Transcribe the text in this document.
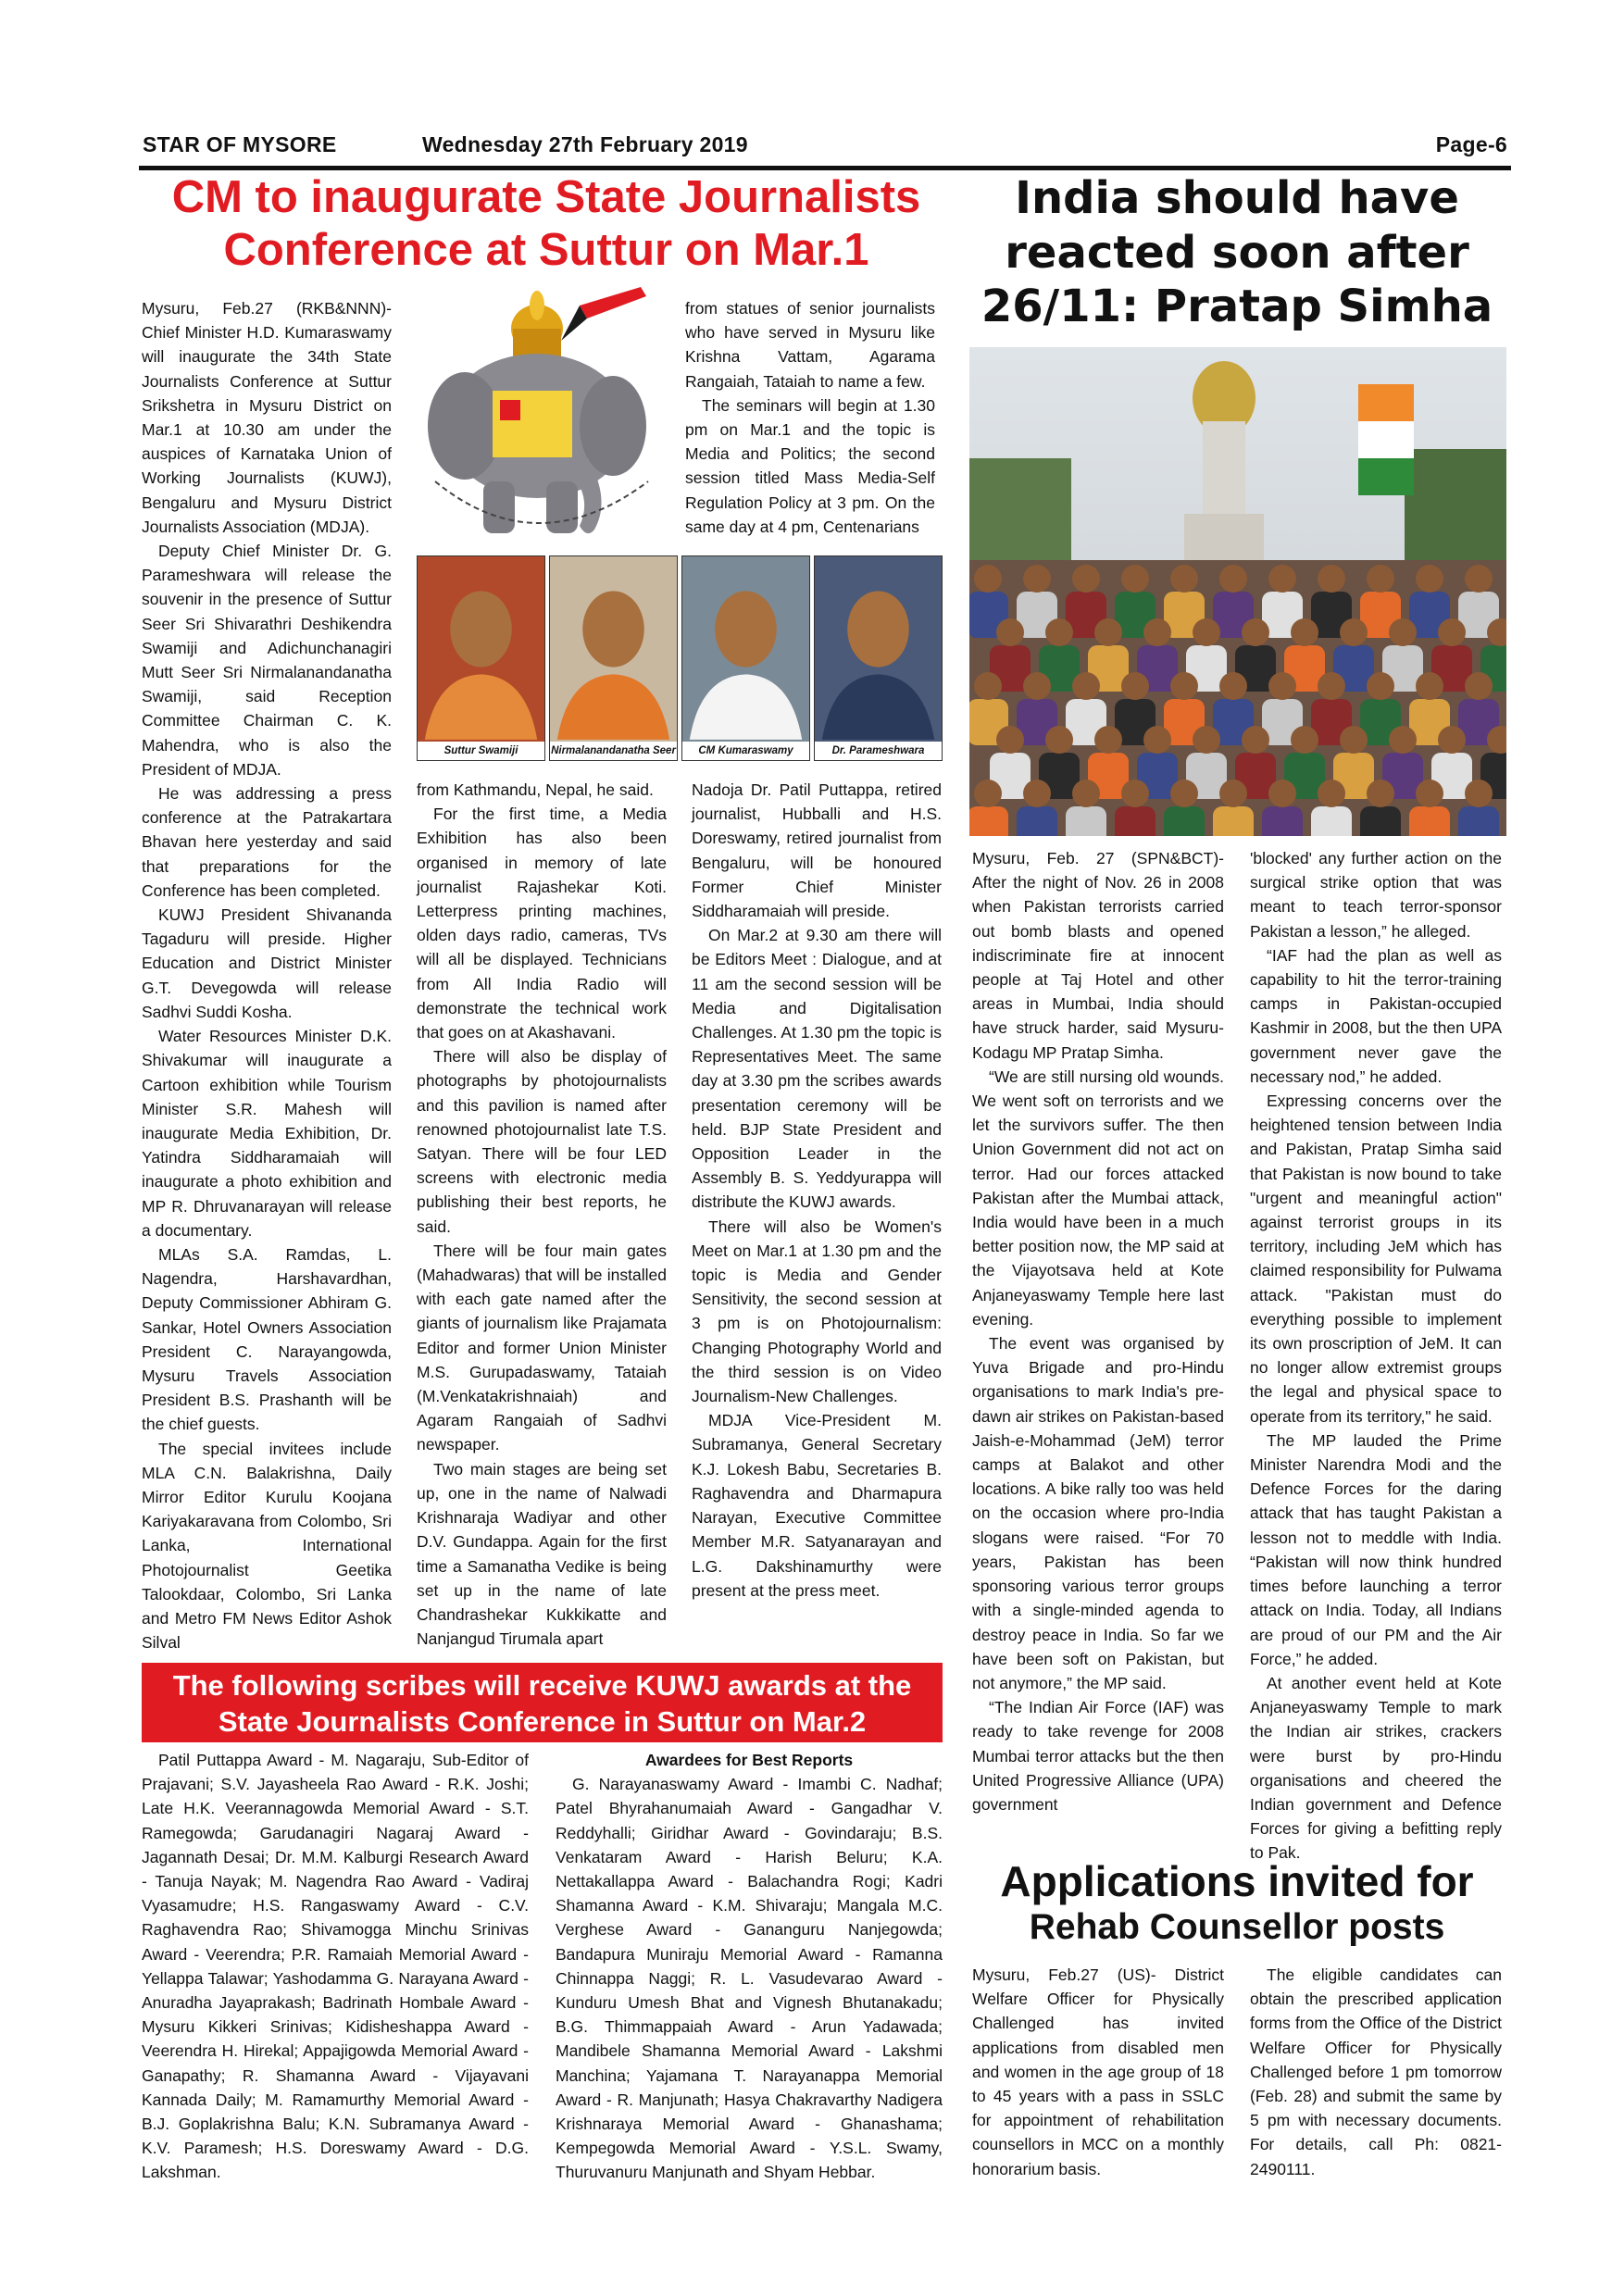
STAR OF MYSORE	Wednesday 27th February 2019	Page-6
CM to inaugurate State Journalists
Conference at Suttur on Mar.1

Mysuru, Feb.27 (RKB&NNN)- Chief Minister H.D. Kumaraswamy will inaugurate the 34th State Journalists Conference at Suttur Srikshetra in Mysuru District on Mar.1 at 10.30 am under the auspices of Karnataka Union of Working Journalists (KUWJ), Bengaluru and Mysuru District Journalists Association (MDJA).

Deputy Chief Minister Dr. G. Parameshwara will release the souvenir in the presence of Suttur Seer Sri Shivarathri Deshikendra Swamiji and Adichunchanagiri Mutt Seer Sri Nirmalanandanatha Swamiji, said Reception Committee Chairman C. K. Mahendra, who is also the President of MDJA.

He was addressing a press conference at the Patrakartara Bhavan here yesterday and said that preparations for the Conference has been completed.

KUWJ President Shivananda Tagaduru will preside. Higher Education and District Minister G.T. Devegowda will release Sadhvi Suddi Kosha.

Water Resources Minister D.K. Shivakumar will inaugurate a Cartoon exhibition while Tourism Minister S.R. Mahesh will inaugurate Media Exhibition, Dr. Yatindra Siddharamaiah will inaugurate a photo exhibition and MP R. Dhruvanarayan will release a documentary.

MLAs S.A. Ramdas, L. Nagendra, Harshavardhan, Deputy Commissioner Abhiram G. Sankar, Hotel Owners Association President C. Narayangowda, Mysuru Travels Association President B.S. Prashanth will be the chief guests.

The special invitees include MLA C.N. Balakrishna, Daily Mirror Editor Kurulu Koojana Kariyakaravana from Colombo, Sri Lanka, International Photojournalist Geetika Talookdaar, Colombo, Sri Lanka and Metro FM News Editor Ashok Silval

from statues of senior journalists who have served in Mysuru like Krishna Vattam, Agarama Rangaiah, Tataiah to name a few.

The seminars will begin at 1.30 pm on Mar.1 and the topic is Media and Politics; the second session titled Mass Media-Self Regulation Policy at 3 pm. On the same day at 4 pm, Centenarians

Suttur Swamiji	Nirmalanandanatha Seer	CM Kumaraswamy	Dr. Parameshwara

from Kathmandu, Nepal, he said.

For the first time, a Media Exhibition has also been organised in memory of late journalist Rajashekar Koti. Letterpress printing machines, olden days radio, cameras, TVs will all be displayed. Technicians from All India Radio will demonstrate the technical work that goes on at Akashavani.

There will also be display of photographs by photojournalists and this pavilion is named after renowned photojournalist late T.S. Satyan. There will be four LED screens with electronic media publishing their best reports, he said.

There will be four main gates (Mahadwaras) that will be installed with each gate named after the giants of journalism like Prajamata Editor and former Union Minister M.S. Gurupadaswamy, Tataiah (M.Venkatakrishnaiah) and Agaram Rangaiah of Sadhvi newspaper.

Two main stages are being set up, one in the name of Nalwadi Krishnaraja Wadiyar and other D.V. Gundappa. Again for the first time a Samanatha Vedike is being set up in the name of late Chandrashekar Kukkikatte and Nanjangud Tirumala apart

Nadoja Dr. Patil Puttappa, retired journalist, Hubballi and H.S. Doreswamy, retired journalist from Bengaluru, will be honoured Former Chief Minister Siddharamaiah will preside.

On Mar.2 at 9.30 am there will be Editors Meet : Dialogue, and at 11 am the second session will be Media and Digitalisation Challenges. At 1.30 pm the topic is Representatives Meet. The same day at 3.30 pm the scribes awards presentation ceremony will be held. BJP State President and Opposition Leader in the Assembly B. S. Yeddyurappa will distribute the KUWJ awards.

There will also be Women's Meet on Mar.1 at 1.30 pm and the topic is Media and Gender Sensitivity, the second session at 3 pm is on Photojournalism: Changing Photography World and the third session is on Video Journalism-New Challenges.

MDJA Vice-President M. Subramanya, General Secretary K.J. Lokesh Babu, Secretaries B. Raghavendra and Dharmapura Narayan, Executive Committee Member M.R. Satyanarayan and L.G. Dakshinamurthy were present at the press meet.

The following scribes will receive KUWJ awards at the
State Journalists Conference in Suttur on Mar.2

Patil Puttappa Award - M. Nagaraju, Sub-Editor of Prajavani; S.V. Jayasheela Rao Award - R.K. Joshi; Late H.K. Veerannagowda Memorial Award - S.T. Ramegowda; Garudanagiri Nagaraj Award - Jagannath Desai; Dr. M.M. Kalburgi Research Award - Tanuja Nayak; M. Nagendra Rao Award - Vadiraj Vyasamudre; H.S. Rangaswamy Award - C.V. Raghavendra Rao; Shivamogga Minchu Srinivas Award - Veerendra; P.R. Ramaiah Memorial Award - Yellappa Talawar; Yashodamma G. Narayana Award - Anuradha Jayaprakash; Badrinath Hombale Award - Mysuru Kikkeri Srinivas; Kidisheshappa Award - Veerendra H. Hirekal; Appajigowda Memorial Award - Ganapathy; R. Shamanna Award - Vijayavani Kannada Daily; M. Ramamurthy Memorial Award - B.J. Goplakrishna Balu; K.N. Subramanya Award - K.V. Paramesh; H.S. Doreswamy Award - D.G. Lakshman.

Awardees for Best Reports

G. Narayanaswamy Award - Imambi C. Nadhaf; Patel Bhyrahanumaiah Award - Gangadhar V. Reddyhalli; Giridhar Award - Govindaraju; B.S. Venkataram Award - Harish Beluru; K.A. Nettakallappa Award - Balachandra Rogi; Kadri Shamanna Award - K.M. Shivaraju; Mangala M.C. Verghese Award - Gananguru Nanjegowda; Bandapura Muniraju Memorial Award - Ramanna Chinnappa Naggi; R. L. Vasudevarao Award - Kunduru Umesh Bhat and Vignesh Bhutanakadu; B.G. Thimmappaiah Award - Arun Yadawada; Mandibele Shamanna Memorial Award - Lakshmi Manchina; Yajamana T. Narayanappa Memorial Award - R. Manjunath; Hasya Chakravarthy Nadigera Krishnaraya Memorial Award - Ghanashama; Kempegowda Memorial Award - Y.S.L. Swamy, Thuruvanuru Manjunath and Shyam Hebbar.

India should have
reacted soon after
26/11: Pratap Simha

Mysuru, Feb. 27 (SPN&BCT)- After the night of Nov. 26 in 2008 when Pakistan terrorists carried out bomb blasts and opened indiscriminate fire at innocent people at Taj Hotel and other areas in Mumbai, India should have struck harder, said Mysuru-Kodagu MP Pratap Simha.

“We are still nursing old wounds. We went soft on terrorists and we let the survivors suffer. The then Union Government did not act on terror. Had our forces attacked Pakistan after the Mumbai attack, India would have been in a much better position now, the MP said at the Vijayotsava held at Kote Anjaneyaswamy Temple here last evening.

The event was organised by Yuva Brigade and pro-Hindu organisations to mark India's pre-dawn air strikes on Pakistan-based Jaish-e-Mohammad (JeM) terror camps at Balakot and other locations. A bike rally too was held on the occasion where pro-India slogans were raised. “For 70 years, Pakistan has been sponsoring various terror groups with a single-minded agenda to destroy peace in India. So far we have been soft on Pakistan, but not anymore,” the MP said.

“The Indian Air Force (IAF) was ready to take revenge for 2008 Mumbai terror attacks but the then United Progressive Alliance (UPA) government

'blocked' any further action on the surgical strike option that was meant to teach terror-sponsor Pakistan a lesson,” he alleged.

“IAF had the plan as well as capability to hit the terror-training camps in Pakistan-occupied Kashmir in 2008, but the then UPA government never gave the necessary nod,” he added.

Expressing concerns over the heightened tension between India and Pakistan, Pratap Simha said that Pakistan is now bound to take "urgent and meaningful action" against terrorist groups in its territory, including JeM which has claimed responsibility for Pulwama attack. "Pakistan must do everything possible to implement its own proscription of JeM. It can no longer allow extremist groups the legal and physical space to operate from its territory," he said.

The MP lauded the Prime Minister Narendra Modi and the Defence Forces for the daring attack that has taught Pakistan a lesson not to meddle with India. “Pakistan will now think hundred times before launching a terror attack on India. Today, all Indians are proud of our PM and the Air Force,” he added.

At another event held at Kote Anjaneyaswamy Temple to mark the Indian air strikes, crackers were burst by pro-Hindu organisations and cheered the Indian government and Defence Forces for giving a befitting reply to Pak.

Applications invited for
Rehab Counsellor posts

Mysuru, Feb.27 (US)- District Welfare Officer for Physically Challenged has invited applications from disabled men and women in the age group of 18 to 45 years with a pass in SSLC for appointment of rehabilitation counsellors in MCC on a monthly honorarium basis.

The eligible candidates can obtain the prescribed application forms from the Office of the District Welfare Officer for Physically Challenged before 1 pm tomorrow (Feb. 28) and submit the same by 5 pm with necessary documents. For details, call Ph: 0821- 2490111.
